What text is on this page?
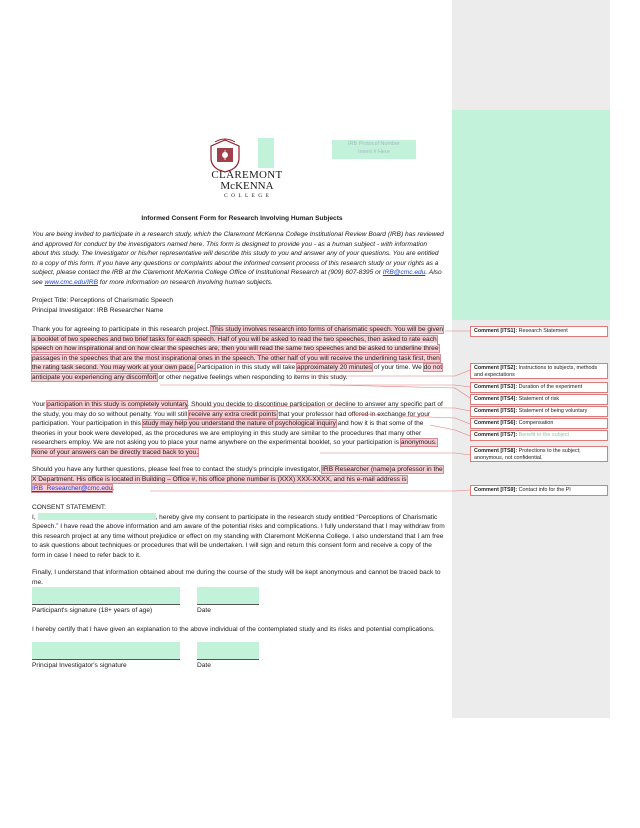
IRB Protocol Number
Insert # Here
CLAREMONT
McKENNA
C O L L E G E
Informed Consent Form for Research Involving Human Subjects
You are being invited to participate in a research study, which the Claremont McKenna College Institutional Review Board (IRB) has reviewed and approved for conduct by the investigators named here. This form is designed to provide you - as a human subject - with information about this study. The Investigator or his/her representative will describe this study to you and answer any of your questions. You are entitled to a copy of this form. If you have any questions or complaints about the informed consent process of this research study or your rights as a subject, please contact the IRB at the Claremont McKenna College Office of Institutional Research at (909) 607-8395 or IRB@cmc.edu. Also see www.cmc.edu/IRB for more information on research involving human subjects.
Project Title: Perceptions of Charismatic Speech
Principal Investigator: IRB Researcher Name
Thank you for agreeing to participate in this research project. This study involves research into forms of charismatic speech. You will be given a booklet of two speeches and two brief tasks for each speech. Half of you will be asked to read the two speeches, then asked to rate each speech on how inspirational and on how clear the speeches are, then you will read the same two speeches and be asked to underline three passages in the speeches that are the most inspirational ones in the speech. The other half of you will receive the underlining task first, then the rating task second. You may work at your own pace. Participation in this study will take approximately 20 minutes of your time. We do not anticipate you experiencing any discomfort or other negative feelings when responding to items in this study.
Your participation in this study is completely voluntary. Should you decide to discontinue participation or decline to answer any specific part of the study, you may do so without penalty. You will still receive any extra credit points that your professor had offered in exchange for your participation. Your participation in this study may help you understand the nature of psychological inquiry and how it is that some of the theories in your book were developed, as the procedures we are employing in this study are similar to the procedures that many other researchers employ. We are not asking you to place your name anywhere on the experimental booklet, so your participation is anonymous. None of your answers can be directly traced back to you.
Should you have any further questions, please feel free to contact the study's principle investigator, IRB Researcher (name)a professor in the X Department. His office is located in Building – Office #, his office phone number is (XXX) XXX-XXXX, and his e-mail address is IRB_Researcher@cmc.edu.
CONSENT STATEMENT:
I,	, hereby give my consent to participate in the research study entitled “Perceptions of Charismatic Speech.” I have read the above information and am aware of the potential risks and complications. I fully understand that I may withdraw from this research project at any time without prejudice or effect on my standing with Claremont McKenna College. I also understand that I am free to ask questions about techniques or procedures that will be undertaken. I will sign and return this consent form and receive a copy of the form in case I need to refer back to it.
Finally, I understand that information obtained about me during the course of the study will be kept anonymous and cannot be traced back to me.
Participant's signature (18+ years of age)	Date
I hereby certify that I have given an explanation to the above individual of the contemplated study and its risks and potential complications.
Principal Investigator's signature	Date
Comment [ITS1]: Research Statement
Comment [ITS2]: Instructions to subjects, methods and expectations
Comment [ITS3]: Duration of the experiment
Comment [ITS4]: Statement of risk
Comment [ITS5]: Statement of being voluntary
Comment [ITS6]: Compensation
Comment [ITS7]: Benefit to the subject
Comment [ITS8]: Protections to the subject; anonymous, not confidential.
Comment [ITS9]: Contact info for the PI
